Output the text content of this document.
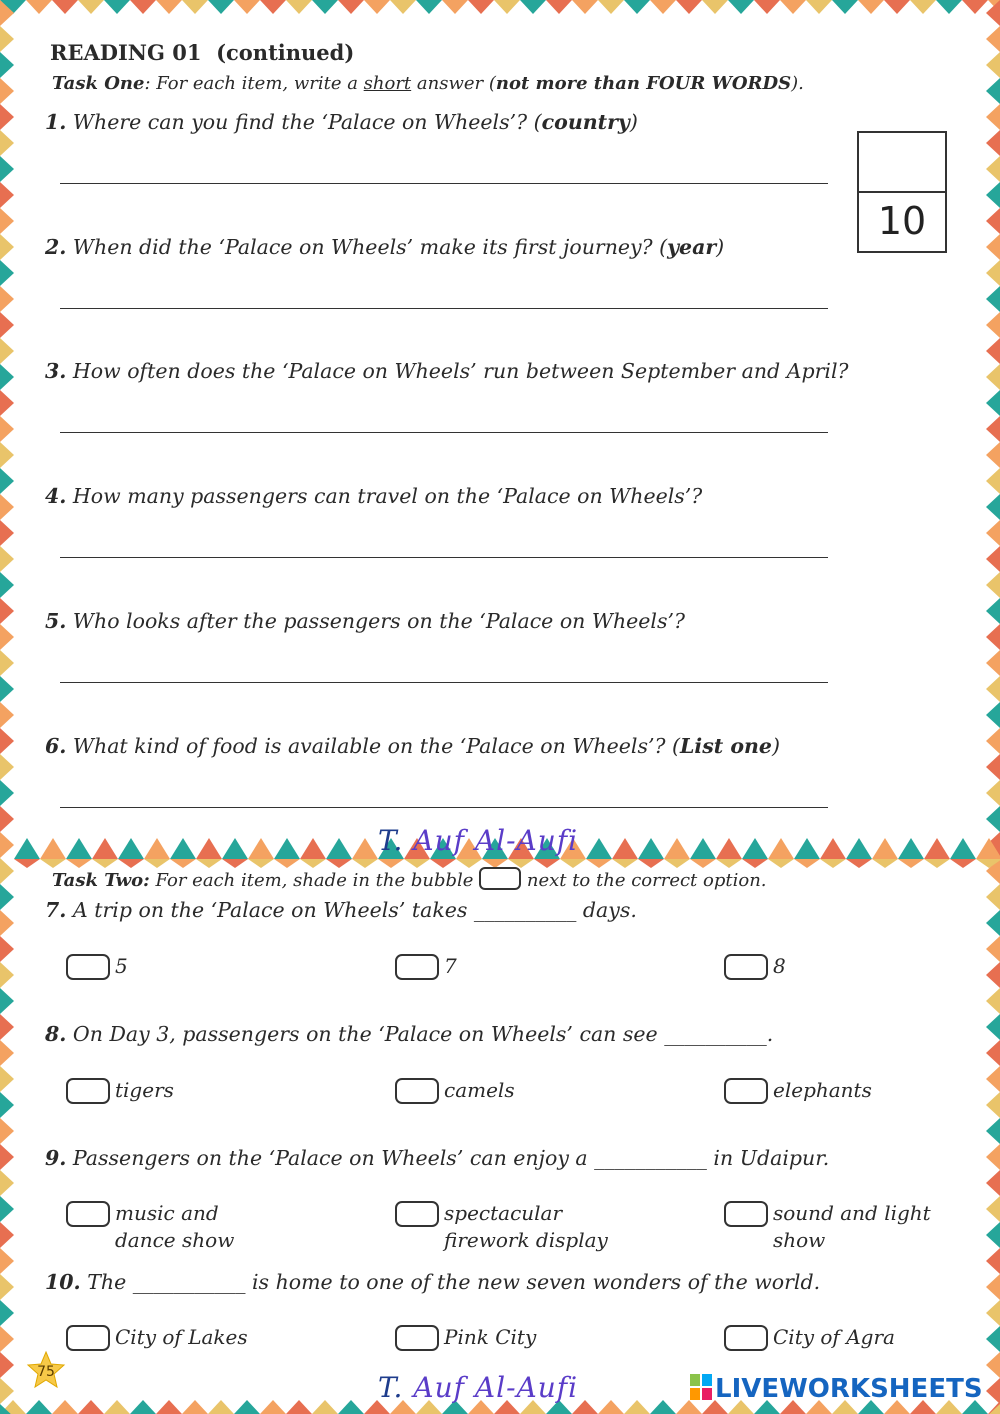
READING 01  (continued)
Task One: For each item, write a short answer (not more than FOUR WORDS).
10
1. Where can you find the ‘Palace on Wheels’? (country)
2. When did the ‘Palace on Wheels’ make its first journey? (year)
3. How often does the ‘Palace on Wheels’ run between September and April?
4. How many passengers can travel on the ‘Palace on Wheels’?
5. Who looks after the passengers on the ‘Palace on Wheels’?
6. What kind of food is available on the ‘Palace on Wheels’? (List one)
T. Auf Al-Aufi
Task Two: For each item, shade in the bubble  next to the correct option.
7. A trip on the ‘Palace on Wheels’ takes __________ days.
5	7	8
8. On Day 3, passengers on the ‘Palace on Wheels’ can see __________.
tigers	camels	elephants
9. Passengers on the ‘Palace on Wheels’ can enjoy a ___________ in Udaipur.
music and
dance show
spectacular
firework display
sound and light
show
10. The ___________ is home to one of the new seven wonders of the world.
City of Lakes	Pink City	City of Agra
75	T. Auf Al-Aufi	LIVEWORKSHEETS
